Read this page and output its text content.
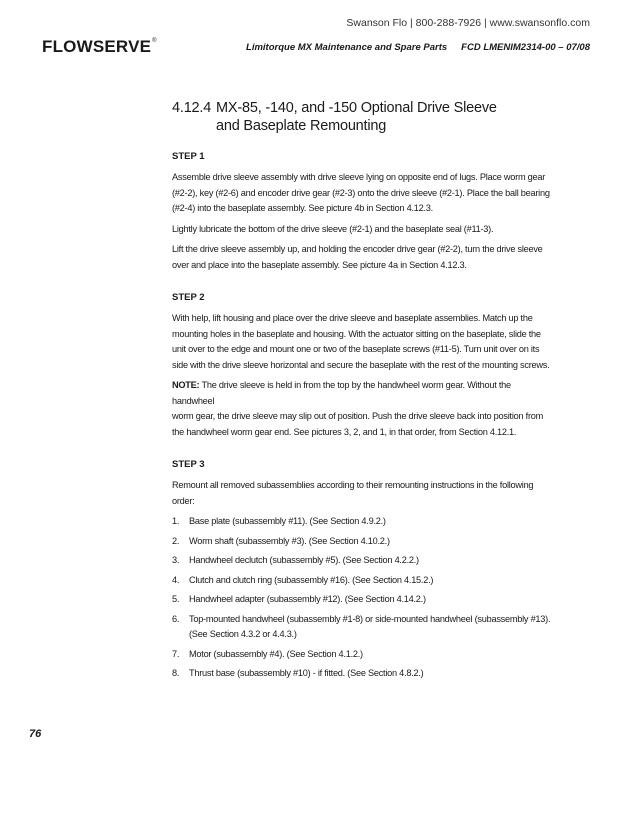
Swanson Flo | 800-288-7926 | www.swansonflo.com
FLOWSERVE ®
Limitorque MX Maintenance and Spare Parts FCD LMENIM2314-00 – 07/08
4.12.4 MX-85, -140, and -150 Optional Drive Sleeve
and Baseplate Remounting

STEP 1

Assemble drive sleeve assembly with drive sleeve lying on opposite end of lugs. Place worm gear
(#2-2), key (#2-6) and encoder drive gear (#2-3) onto the drive sleeve (#2-1). Place the ball bearing
(#2-4) into the baseplate assembly. See picture 4b in Section 4.12.3.

Lightly lubricate the bottom of the drive sleeve (#2-1) and the baseplate seal (#11-3).

Lift the drive sleeve assembly up, and holding the encoder drive gear (#2-2), turn the drive sleeve
over and place into the baseplate assembly. See picture 4a in Section 4.12.3.

STEP 2

With help, lift housing and place over the drive sleeve and baseplate assemblies. Match up the
mounting holes in the baseplate and housing. With the actuator sitting on the baseplate, slide the
unit over to the edge and mount one or two of the baseplate screws (#11-5). Turn unit over on its
side with the drive sleeve horizontal and secure the baseplate with the rest of the mounting screws.

NOTE: The drive sleeve is held in from the top by the handwheel worm gear. Without the handwheel
worm gear, the drive sleeve may slip out of position. Push the drive sleeve back into position from
the handwheel worm gear end. See pictures 3, 2, and 1, in that order, from Section 4.12.1.

STEP 3

Remount all removed subassemblies according to their remounting instructions in the following
order:

1.	Base plate (subassembly #11). (See Section 4.9.2.)
2.	Worm shaft (subassembly #3). (See Section 4.10.2.)
3.	Handwheel declutch (subassembly #5). (See Section 4.2.2.)
4.	Clutch and clutch ring (subassembly #16). (See Section 4.15.2.)
5.	Handwheel adapter (subassembly #12). (See Section 4.14.2.)
6.	Top-mounted handwheel (subassembly #1-8) or side-mounted handwheel (subassembly #13).
(See Section 4.3.2 or 4.4.3.)
7.	Motor (subassembly #4). (See Section 4.1.2.)
8.	Thrust base (subassembly #10) - if fitted. (See Section 4.8.2.)
76
